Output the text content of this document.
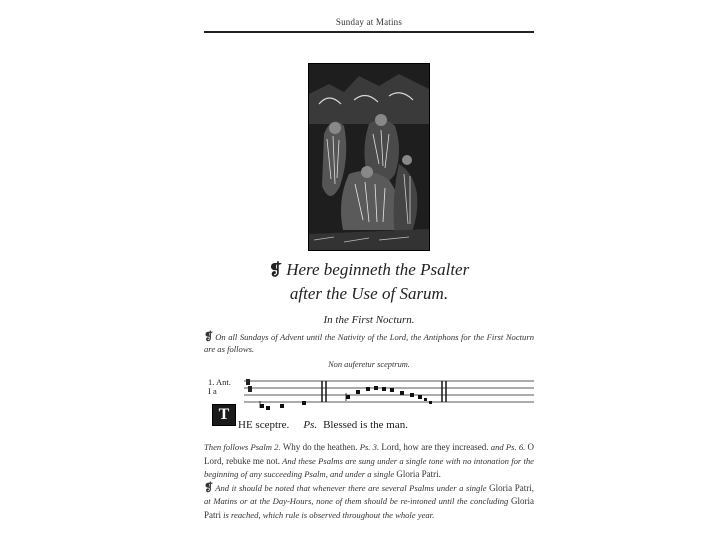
Sunday at Matins
❡ Here beginneth the Psalter
after the Use of Sarum.
In the First Nocturn.
❡ On all Sundays of Advent until the Nativity of the Lord, the Antiphons for the First Nocturn are as follows.
Non auferetur sceptrum.
1. Ant.
I a
T
HE sceptre. Ps. Blessed is the man.
Then follows Psalm 2. Why do the heathen. Ps. 3. Lord, how are they increased. and Ps. 6. O Lord, rebuke me not. And these Psalms are sung under a single tone with no intonation for the beginning of any succeeding Psalm, and under a single Gloria Patri.
❡ And it should be noted that whenever there are several Psalms under a single Gloria Patri, at Matins or at the Day-Hours, none of them should be re-intoned until the concluding Gloria Patri is reached, which rule is observed throughout the whole year.
